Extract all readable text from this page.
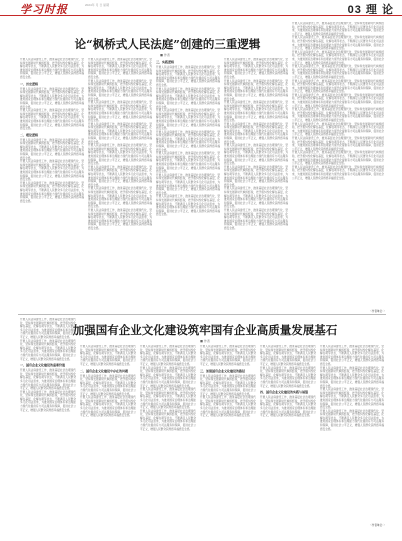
学习时报	2024年 月 日 星期	03 理 论
论“枫桥式人民法庭”创建的三重逻辑
■ 作者
开展人民法庭建设工作，推进基层社会治理现代化，坚持和发展新时代枫桥经验，把矛盾纠纷化解在基层，化解在萌芽状态，不断满足人民群众多元化司法需求，为推进国家治理体系和治理能力现代化提供有力司法服务和保障，促进社会公平正义，增强人民群众获得感幸福感安全感。
一、历史逻辑
开展人民法庭建设工作，推进基层社会治理现代化，坚持和发展新时代枫桥经验，把矛盾纠纷化解在基层，化解在萌芽状态，不断满足人民群众多元化司法需求，为推进国家治理体系和治理能力现代化提供有力司法服务和保障，促进社会公平正义，增强人民群众获得感幸福感安全感。
开展人民法庭建设工作，推进基层社会治理现代化，坚持和发展新时代枫桥经验，把矛盾纠纷化解在基层，化解在萌芽状态，不断满足人民群众多元化司法需求，为推进国家治理体系和治理能力现代化提供有力司法服务和保障，促进社会公平正义，增强人民群众获得感幸福感安全感。
二、理论逻辑
开展人民法庭建设工作，推进基层社会治理现代化，坚持和发展新时代枫桥经验，把矛盾纠纷化解在基层，化解在萌芽状态，不断满足人民群众多元化司法需求，为推进国家治理体系和治理能力现代化提供有力司法服务和保障，促进社会公平正义，增强人民群众获得感幸福感安全感。
开展人民法庭建设工作，推进基层社会治理现代化，坚持和发展新时代枫桥经验，把矛盾纠纷化解在基层，化解在萌芽状态，不断满足人民群众多元化司法需求，为推进国家治理体系和治理能力现代化提供有力司法服务和保障，促进社会公平正义，增强人民群众获得感幸福感安全感。
开展人民法庭建设工作，推进基层社会治理现代化，坚持和发展新时代枫桥经验，把矛盾纠纷化解在基层，化解在萌芽状态，不断满足人民群众多元化司法需求，为推进国家治理体系和治理能力现代化提供有力司法服务和保障，促进社会公平正义，增强人民群众获得感幸福感安全感。
开展人民法庭建设工作，推进基层社会治理现代化，坚持和发展新时代枫桥经验，把矛盾纠纷化解在基层，化解在萌芽状态，不断满足人民群众多元化司法需求，为推进国家治理体系和治理能力现代化提供有力司法服务和保障，促进社会公平正义，增强人民群众获得感幸福感安全感。
开展人民法庭建设工作，推进基层社会治理现代化，坚持和发展新时代枫桥经验，把矛盾纠纷化解在基层，化解在萌芽状态，不断满足人民群众多元化司法需求，为推进国家治理体系和治理能力现代化提供有力司法服务和保障，促进社会公平正义，增强人民群众获得感幸福感安全感。
开展人民法庭建设工作，推进基层社会治理现代化，坚持和发展新时代枫桥经验，把矛盾纠纷化解在基层，化解在萌芽状态，不断满足人民群众多元化司法需求，为推进国家治理体系和治理能力现代化提供有力司法服务和保障，促进社会公平正义，增强人民群众获得感幸福感安全感。
开展人民法庭建设工作，推进基层社会治理现代化，坚持和发展新时代枫桥经验，把矛盾纠纷化解在基层，化解在萌芽状态，不断满足人民群众多元化司法需求，为推进国家治理体系和治理能力现代化提供有力司法服务和保障，促进社会公平正义，增强人民群众获得感幸福感安全感。
开展人民法庭建设工作，推进基层社会治理现代化，坚持和发展新时代枫桥经验，把矛盾纠纷化解在基层，化解在萌芽状态，不断满足人民群众多元化司法需求，为推进国家治理体系和治理能力现代化提供有力司法服务和保障，促进社会公平正义，增强人民群众获得感幸福感安全感。
开展人民法庭建设工作，推进基层社会治理现代化，坚持和发展新时代枫桥经验，把矛盾纠纷化解在基层，化解在萌芽状态，不断满足人民群众多元化司法需求，为推进国家治理体系和治理能力现代化提供有力司法服务和保障，促进社会公平正义，增强人民群众获得感幸福感安全感。
开展人民法庭建设工作，推进基层社会治理现代化，坚持和发展新时代枫桥经验，把矛盾纠纷化解在基层，化解在萌芽状态，不断满足人民群众多元化司法需求，为推进国家治理体系和治理能力现代化提供有力司法服务和保障，促进社会公平正义，增强人民群众获得感幸福感安全感。
开展人民法庭建设工作，推进基层社会治理现代化，坚持和发展新时代枫桥经验，把矛盾纠纷化解在基层，化解在萌芽状态，不断满足人民群众多元化司法需求，为推进国家治理体系和治理能力现代化提供有力司法服务和保障，促进社会公平正义，增强人民群众获得感幸福感安全感。
三、实践逻辑
开展人民法庭建设工作，推进基层社会治理现代化，坚持和发展新时代枫桥经验，把矛盾纠纷化解在基层，化解在萌芽状态，不断满足人民群众多元化司法需求，为推进国家治理体系和治理能力现代化提供有力司法服务和保障，促进社会公平正义，增强人民群众获得感幸福感安全感。
开展人民法庭建设工作，推进基层社会治理现代化，坚持和发展新时代枫桥经验，把矛盾纠纷化解在基层，化解在萌芽状态，不断满足人民群众多元化司法需求，为推进国家治理体系和治理能力现代化提供有力司法服务和保障，促进社会公平正义，增强人民群众获得感幸福感安全感。
开展人民法庭建设工作，推进基层社会治理现代化，坚持和发展新时代枫桥经验，把矛盾纠纷化解在基层，化解在萌芽状态，不断满足人民群众多元化司法需求，为推进国家治理体系和治理能力现代化提供有力司法服务和保障，促进社会公平正义，增强人民群众获得感幸福感安全感。
开展人民法庭建设工作，推进基层社会治理现代化，坚持和发展新时代枫桥经验，把矛盾纠纷化解在基层，化解在萌芽状态，不断满足人民群众多元化司法需求，为推进国家治理体系和治理能力现代化提供有力司法服务和保障，促进社会公平正义，增强人民群众获得感幸福感安全感。
开展人民法庭建设工作，推进基层社会治理现代化，坚持和发展新时代枫桥经验，把矛盾纠纷化解在基层，化解在萌芽状态，不断满足人民群众多元化司法需求，为推进国家治理体系和治理能力现代化提供有力司法服务和保障，促进社会公平正义，增强人民群众获得感幸福感安全感。
开展人民法庭建设工作，推进基层社会治理现代化，坚持和发展新时代枫桥经验，把矛盾纠纷化解在基层，化解在萌芽状态，不断满足人民群众多元化司法需求，为推进国家治理体系和治理能力现代化提供有力司法服务和保障，促进社会公平正义，增强人民群众获得感幸福感安全感。
开展人民法庭建设工作，推进基层社会治理现代化，坚持和发展新时代枫桥经验，把矛盾纠纷化解在基层，化解在萌芽状态，不断满足人民群众多元化司法需求，为推进国家治理体系和治理能力现代化提供有力司法服务和保障，促进社会公平正义，增强人民群众获得感幸福感安全感。
开展人民法庭建设工作，推进基层社会治理现代化，坚持和发展新时代枫桥经验，把矛盾纠纷化解在基层，化解在萌芽状态，不断满足人民群众多元化司法需求，为推进国家治理体系和治理能力现代化提供有力司法服务和保障，促进社会公平正义，增强人民群众获得感幸福感安全感。
开展人民法庭建设工作，推进基层社会治理现代化，坚持和发展新时代枫桥经验，把矛盾纠纷化解在基层，化解在萌芽状态，不断满足人民群众多元化司法需求，为推进国家治理体系和治理能力现代化提供有力司法服务和保障，促进社会公平正义，增强人民群众获得感幸福感安全感。
开展人民法庭建设工作，推进基层社会治理现代化，坚持和发展新时代枫桥经验，把矛盾纠纷化解在基层，化解在萌芽状态，不断满足人民群众多元化司法需求，为推进国家治理体系和治理能力现代化提供有力司法服务和保障，促进社会公平正义，增强人民群众获得感幸福感安全感。
开展人民法庭建设工作，推进基层社会治理现代化，坚持和发展新时代枫桥经验，把矛盾纠纷化解在基层，化解在萌芽状态，不断满足人民群众多元化司法需求，为推进国家治理体系和治理能力现代化提供有力司法服务和保障，促进社会公平正义，增强人民群众获得感幸福感安全感。
开展人民法庭建设工作，推进基层社会治理现代化，坚持和发展新时代枫桥经验，把矛盾纠纷化解在基层，化解在萌芽状态，不断满足人民群众多元化司法需求，为推进国家治理体系和治理能力现代化提供有力司法服务和保障，促进社会公平正义，增强人民群众获得感幸福感安全感。
开展人民法庭建设工作，推进基层社会治理现代化，坚持和发展新时代枫桥经验，把矛盾纠纷化解在基层，化解在萌芽状态，不断满足人民群众多元化司法需求，为推进国家治理体系和治理能力现代化提供有力司法服务和保障，促进社会公平正义，增强人民群众获得感幸福感安全感。
开展人民法庭建设工作，推进基层社会治理现代化，坚持和发展新时代枫桥经验，把矛盾纠纷化解在基层，化解在萌芽状态，不断满足人民群众多元化司法需求，为推进国家治理体系和治理能力现代化提供有力司法服务和保障，促进社会公平正义，增强人民群众获得感幸福感安全感。
开展人民法庭建设工作，推进基层社会治理现代化，坚持和发展新时代枫桥经验，把矛盾纠纷化解在基层，化解在萌芽状态，不断满足人民群众多元化司法需求，为推进国家治理体系和治理能力现代化提供有力司法服务和保障，促进社会公平正义，增强人民群众获得感幸福感安全感。
开展人民法庭建设工作，推进基层社会治理现代化，坚持和发展新时代枫桥经验，把矛盾纠纷化解在基层，化解在萌芽状态，不断满足人民群众多元化司法需求，为推进国家治理体系和治理能力现代化提供有力司法服务和保障，促进社会公平正义，增强人民群众获得感幸福感安全感。
开展人民法庭建设工作，推进基层社会治理现代化，坚持和发展新时代枫桥经验，把矛盾纠纷化解在基层，化解在萌芽状态，不断满足人民群众多元化司法需求，为推进国家治理体系和治理能力现代化提供有力司法服务和保障，促进社会公平正义，增强人民群众获得感幸福感安全感。
开展人民法庭建设工作，推进基层社会治理现代化，坚持和发展新时代枫桥经验，把矛盾纠纷化解在基层，化解在萌芽状态，不断满足人民群众多元化司法需求，为推进国家治理体系和治理能力现代化提供有力司法服务和保障，促进社会公平正义，增强人民群众获得感幸福感安全感。
开展人民法庭建设工作，推进基层社会治理现代化，坚持和发展新时代枫桥经验，把矛盾纠纷化解在基层，化解在萌芽状态，不断满足人民群众多元化司法需求，为推进国家治理体系和治理能力现代化提供有力司法服务和保障，促进社会公平正义，增强人民群众获得感幸福感安全感。
开展人民法庭建设工作，推进基层社会治理现代化，坚持和发展新时代枫桥经验，把矛盾纠纷化解在基层，化解在萌芽状态，不断满足人民群众多元化司法需求，为推进国家治理体系和治理能力现代化提供有力司法服务和保障，促进社会公平正义，增强人民群众获得感幸福感安全感。
开展人民法庭建设工作，推进基层社会治理现代化，坚持和发展新时代枫桥经验，把矛盾纠纷化解在基层，化解在萌芽状态，不断满足人民群众多元化司法需求，为推进国家治理体系和治理能力现代化提供有力司法服务和保障，促进社会公平正义，增强人民群众获得感幸福感安全感。
开展人民法庭建设工作，推进基层社会治理现代化，坚持和发展新时代枫桥经验，把矛盾纠纷化解在基层，化解在萌芽状态，不断满足人民群众多元化司法需求，为推进国家治理体系和治理能力现代化提供有力司法服务和保障，促进社会公平正义，增强人民群众获得感幸福感安全感。
开展人民法庭建设工作，推进基层社会治理现代化，坚持和发展新时代枫桥经验，把矛盾纠纷化解在基层，化解在萌芽状态，不断满足人民群众多元化司法需求，为推进国家治理体系和治理能力现代化提供有力司法服务和保障，促进社会公平正义，增强人民群众获得感幸福感安全感。
开展人民法庭建设工作，推进基层社会治理现代化，坚持和发展新时代枫桥经验，把矛盾纠纷化解在基层，化解在萌芽状态，不断满足人民群众多元化司法需求，为推进国家治理体系和治理能力现代化提供有力司法服务和保障，促进社会公平正义，增强人民群众获得感幸福感安全感。
开展人民法庭建设工作，推进基层社会治理现代化，坚持和发展新时代枫桥经验，把矛盾纠纷化解在基层，化解在萌芽状态，不断满足人民群众多元化司法需求，为推进国家治理体系和治理能力现代化提供有力司法服务和保障，促进社会公平正义，增强人民群众获得感幸福感安全感。
开展人民法庭建设工作，推进基层社会治理现代化，坚持和发展新时代枫桥经验，把矛盾纠纷化解在基层，化解在萌芽状态，不断满足人民群众多元化司法需求，为推进国家治理体系和治理能力现代化提供有力司法服务和保障，促进社会公平正义，增强人民群众获得感幸福感安全感。
（作者单位：）
加强国有企业文化建设筑牢国有企业高质量发展基石
■ 作者
开展人民法庭建设工作，推进基层社会治理现代化，坚持和发展新时代枫桥经验，把矛盾纠纷化解在基层，化解在萌芽状态，不断满足人民群众多元化司法需求，为推进国家治理体系和治理能力现代化提供有力司法服务和保障，促进社会公平正义，增强人民群众获得感幸福感安全感。
开展人民法庭建设工作，推进基层社会治理现代化，坚持和发展新时代枫桥经验，把矛盾纠纷化解在基层，化解在萌芽状态，不断满足人民群众多元化司法需求，为推进国家治理体系和治理能力现代化提供有力司法服务和保障，促进社会公平正义，增强人民群众获得感幸福感安全感。
一、国有企业文化建设的重要价值
开展人民法庭建设工作，推进基层社会治理现代化，坚持和发展新时代枫桥经验，把矛盾纠纷化解在基层，化解在萌芽状态，不断满足人民群众多元化司法需求，为推进国家治理体系和治理能力现代化提供有力司法服务和保障，促进社会公平正义，增强人民群众获得感幸福感安全感。
开展人民法庭建设工作，推进基层社会治理现代化，坚持和发展新时代枫桥经验，把矛盾纠纷化解在基层，化解在萌芽状态，不断满足人民群众多元化司法需求，为推进国家治理体系和治理能力现代化提供有力司法服务和保障，促进社会公平正义，增强人民群众获得感幸福感安全感。
开展人民法庭建设工作，推进基层社会治理现代化，坚持和发展新时代枫桥经验，把矛盾纠纷化解在基层，化解在萌芽状态，不断满足人民群众多元化司法需求，为推进国家治理体系和治理能力现代化提供有力司法服务和保障，促进社会公平正义，增强人民群众获得感幸福感安全感。
二、国有企业文化建设中存在的问题
开展人民法庭建设工作，推进基层社会治理现代化，坚持和发展新时代枫桥经验，把矛盾纠纷化解在基层，化解在萌芽状态，不断满足人民群众多元化司法需求，为推进国家治理体系和治理能力现代化提供有力司法服务和保障，促进社会公平正义，增强人民群众获得感幸福感安全感。
开展人民法庭建设工作，推进基层社会治理现代化，坚持和发展新时代枫桥经验，把矛盾纠纷化解在基层，化解在萌芽状态，不断满足人民群众多元化司法需求，为推进国家治理体系和治理能力现代化提供有力司法服务和保障，促进社会公平正义，增强人民群众获得感幸福感安全感。
开展人民法庭建设工作，推进基层社会治理现代化，坚持和发展新时代枫桥经验，把矛盾纠纷化解在基层，化解在萌芽状态，不断满足人民群众多元化司法需求，为推进国家治理体系和治理能力现代化提供有力司法服务和保障，促进社会公平正义，增强人民群众获得感幸福感安全感。
开展人民法庭建设工作，推进基层社会治理现代化，坚持和发展新时代枫桥经验，把矛盾纠纷化解在基层，化解在萌芽状态，不断满足人民群众多元化司法需求，为推进国家治理体系和治理能力现代化提供有力司法服务和保障，促进社会公平正义，增强人民群众获得感幸福感安全感。
开展人民法庭建设工作，推进基层社会治理现代化，坚持和发展新时代枫桥经验，把矛盾纠纷化解在基层，化解在萌芽状态，不断满足人民群众多元化司法需求，为推进国家治理体系和治理能力现代化提供有力司法服务和保障，促进社会公平正义，增强人民群众获得感幸福感安全感。
开展人民法庭建设工作，推进基层社会治理现代化，坚持和发展新时代枫桥经验，把矛盾纠纷化解在基层，化解在萌芽状态，不断满足人民群众多元化司法需求，为推进国家治理体系和治理能力现代化提供有力司法服务和保障，促进社会公平正义，增强人民群众获得感幸福感安全感。
开展人民法庭建设工作，推进基层社会治理现代化，坚持和发展新时代枫桥经验，把矛盾纠纷化解在基层，化解在萌芽状态，不断满足人民群众多元化司法需求，为推进国家治理体系和治理能力现代化提供有力司法服务和保障，促进社会公平正义，增强人民群众获得感幸福感安全感。
三、加强国有企业文化建设的路径
开展人民法庭建设工作，推进基层社会治理现代化，坚持和发展新时代枫桥经验，把矛盾纠纷化解在基层，化解在萌芽状态，不断满足人民群众多元化司法需求，为推进国家治理体系和治理能力现代化提供有力司法服务和保障，促进社会公平正义，增强人民群众获得感幸福感安全感。
开展人民法庭建设工作，推进基层社会治理现代化，坚持和发展新时代枫桥经验，把矛盾纠纷化解在基层，化解在萌芽状态，不断满足人民群众多元化司法需求，为推进国家治理体系和治理能力现代化提供有力司法服务和保障，促进社会公平正义，增强人民群众获得感幸福感安全感。
开展人民法庭建设工作，推进基层社会治理现代化，坚持和发展新时代枫桥经验，把矛盾纠纷化解在基层，化解在萌芽状态，不断满足人民群众多元化司法需求，为推进国家治理体系和治理能力现代化提供有力司法服务和保障，促进社会公平正义，增强人民群众获得感幸福感安全感。
开展人民法庭建设工作，推进基层社会治理现代化，坚持和发展新时代枫桥经验，把矛盾纠纷化解在基层，化解在萌芽状态，不断满足人民群众多元化司法需求，为推进国家治理体系和治理能力现代化提供有力司法服务和保障，促进社会公平正义，增强人民群众获得感幸福感安全感。
四、国有企业文化建设的实践与展望
开展人民法庭建设工作，推进基层社会治理现代化，坚持和发展新时代枫桥经验，把矛盾纠纷化解在基层，化解在萌芽状态，不断满足人民群众多元化司法需求，为推进国家治理体系和治理能力现代化提供有力司法服务和保障，促进社会公平正义，增强人民群众获得感幸福感安全感。
开展人民法庭建设工作，推进基层社会治理现代化，坚持和发展新时代枫桥经验，把矛盾纠纷化解在基层，化解在萌芽状态，不断满足人民群众多元化司法需求，为推进国家治理体系和治理能力现代化提供有力司法服务和保障，促进社会公平正义，增强人民群众获得感幸福感安全感。
开展人民法庭建设工作，推进基层社会治理现代化，坚持和发展新时代枫桥经验，把矛盾纠纷化解在基层，化解在萌芽状态，不断满足人民群众多元化司法需求，为推进国家治理体系和治理能力现代化提供有力司法服务和保障，促进社会公平正义，增强人民群众获得感幸福感安全感。
开展人民法庭建设工作，推进基层社会治理现代化，坚持和发展新时代枫桥经验，把矛盾纠纷化解在基层，化解在萌芽状态，不断满足人民群众多元化司法需求，为推进国家治理体系和治理能力现代化提供有力司法服务和保障，促进社会公平正义，增强人民群众获得感幸福感安全感。
开展人民法庭建设工作，推进基层社会治理现代化，坚持和发展新时代枫桥经验，把矛盾纠纷化解在基层，化解在萌芽状态，不断满足人民群众多元化司法需求，为推进国家治理体系和治理能力现代化提供有力司法服务和保障，促进社会公平正义，增强人民群众获得感幸福感安全感。
（作者单位：）
